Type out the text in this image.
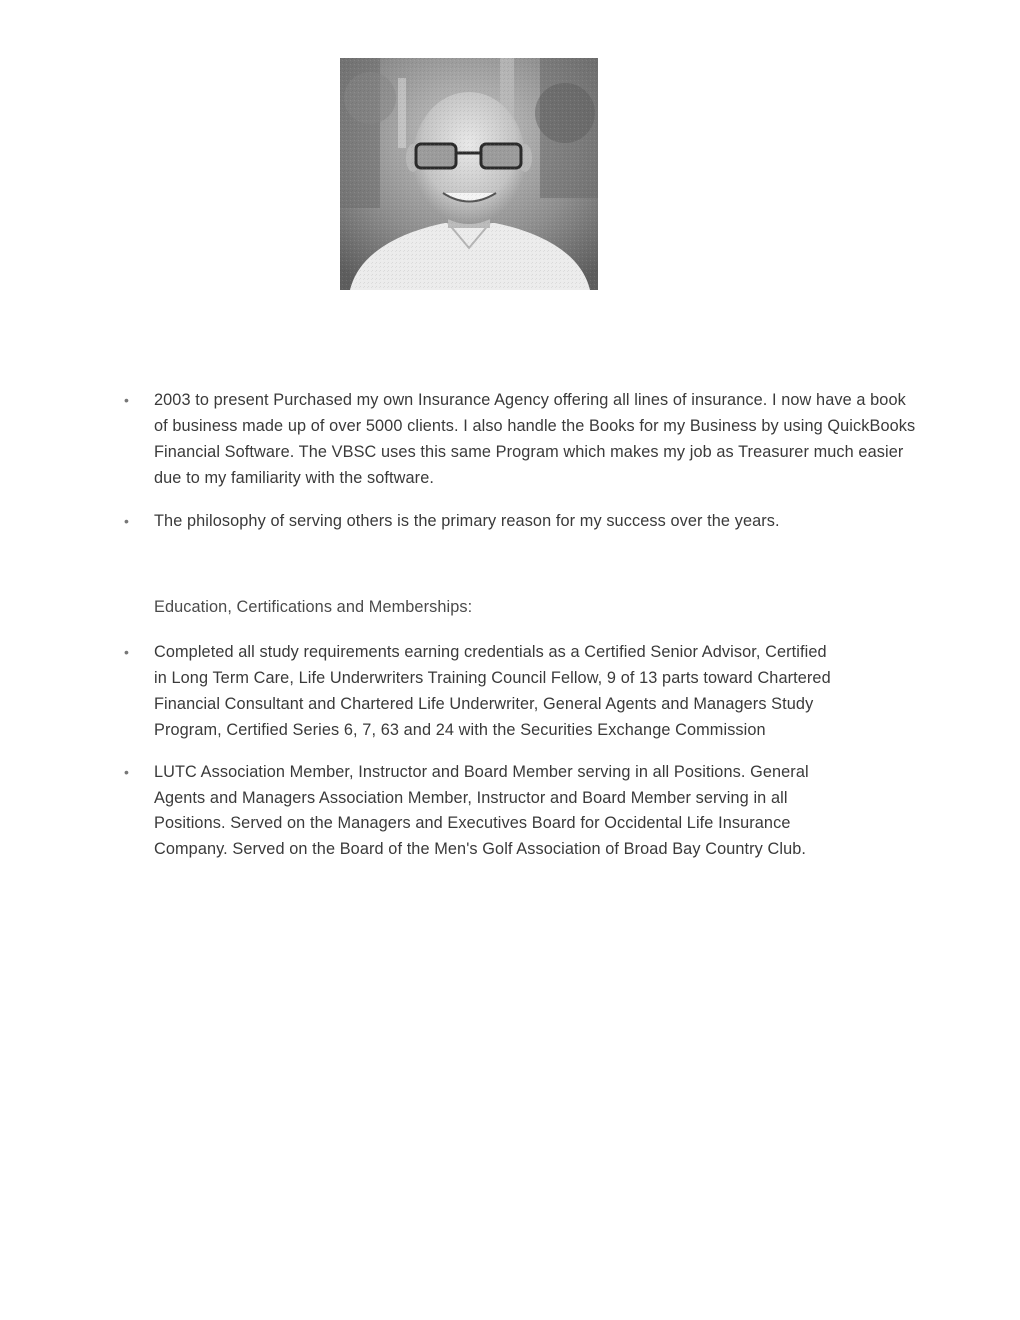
• 2003 to present Purchased my own Insurance Agency offering all lines of insurance. I now have a book of business made up of over 5000 clients. I also handle the Books for my Business by using QuickBooks Financial Software. The VBSC uses this same Program which makes my job as Treasurer much easier due to my familiarity with the software.
• The philosophy of serving others is the primary reason for my success over the years.
Education, Certifications and Memberships:
• Completed all study requirements earning credentials as a Certified Senior Advisor, Certified in Long Term Care, Life Underwriters Training Council Fellow, 9 of 13 parts toward Chartered Financial Consultant and Chartered Life Underwriter, General Agents and Managers Study Program, Certified Series 6, 7, 63 and 24 with the Securities Exchange Commission
• LUTC Association Member, Instructor and Board Member serving in all Positions. General Agents and Managers Association Member, Instructor and Board Member serving in all Positions. Served on the Managers and Executives Board for Occidental Life Insurance Company. Served on the Board of the Men's Golf Association of Broad Bay Country Club.
